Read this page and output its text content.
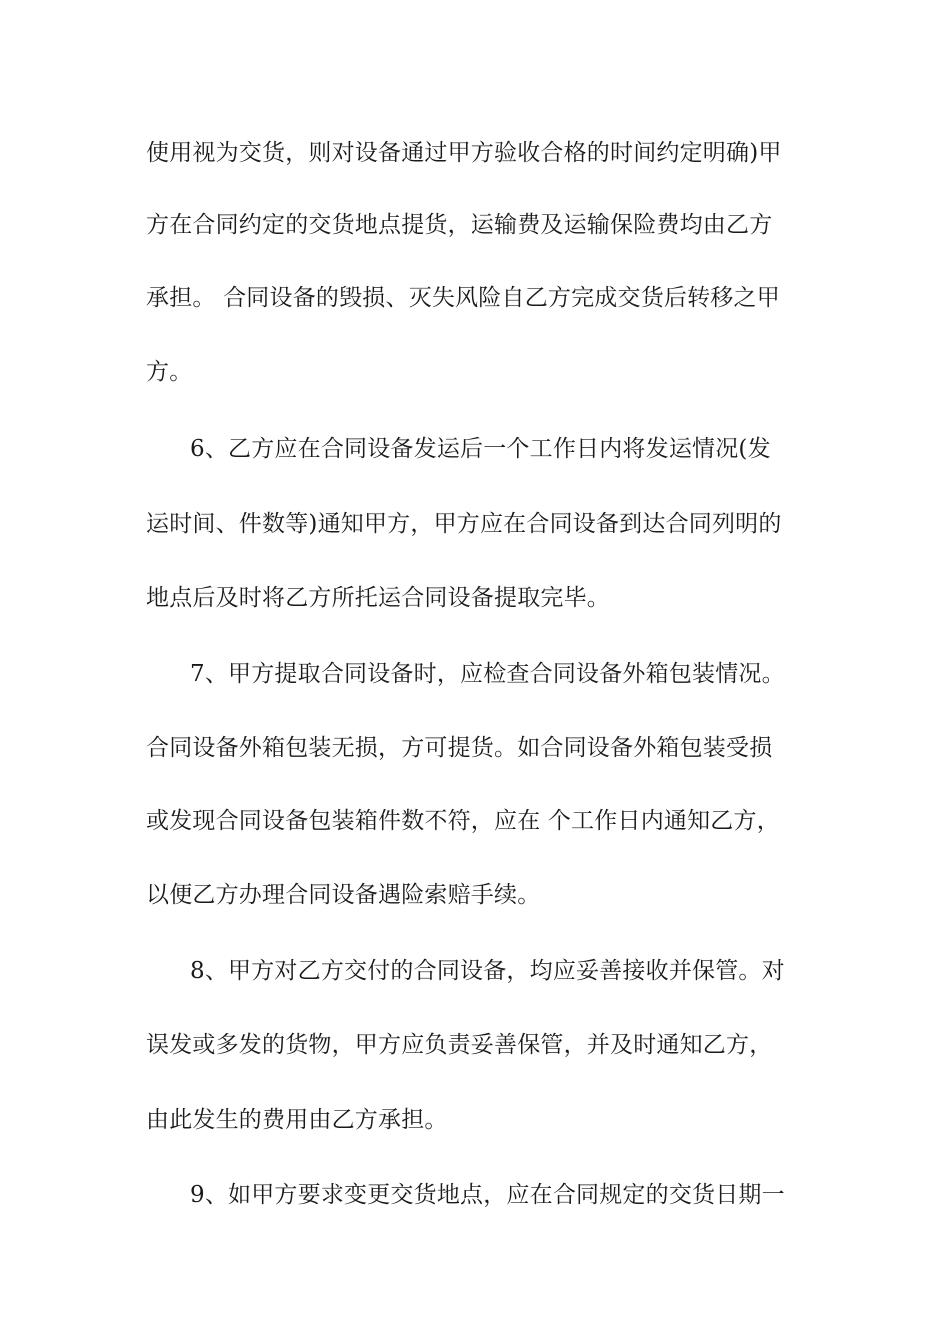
使用视为交货，则对设备通过甲方验收合格的时间约定明确)甲
方在合同约定的交货地点提货，运输费及运输保险费均由乙方
承担。 合同设备的毁损、灭失风险自乙方完成交货后转移之甲
方。
6、乙方应在合同设备发运后一个工作日内将发运情况(发
运时间、件数等)通知甲方，甲方应在合同设备到达合同列明的
地点后及时将乙方所托运合同设备提取完毕。
7、甲方提取合同设备时，应检查合同设备外箱包装情况。
合同设备外箱包装无损，方可提货。如合同设备外箱包装受损
或发现合同设备包装箱件数不符，应在 个工作日内通知乙方，
以便乙方办理合同设备遇险索赔手续。
8、甲方对乙方交付的合同设备，均应妥善接收并保管。对
误发或多发的货物，甲方应负责妥善保管，并及时通知乙方，
由此发生的费用由乙方承担。
9、如甲方要求变更交货地点，应在合同规定的交货日期一
